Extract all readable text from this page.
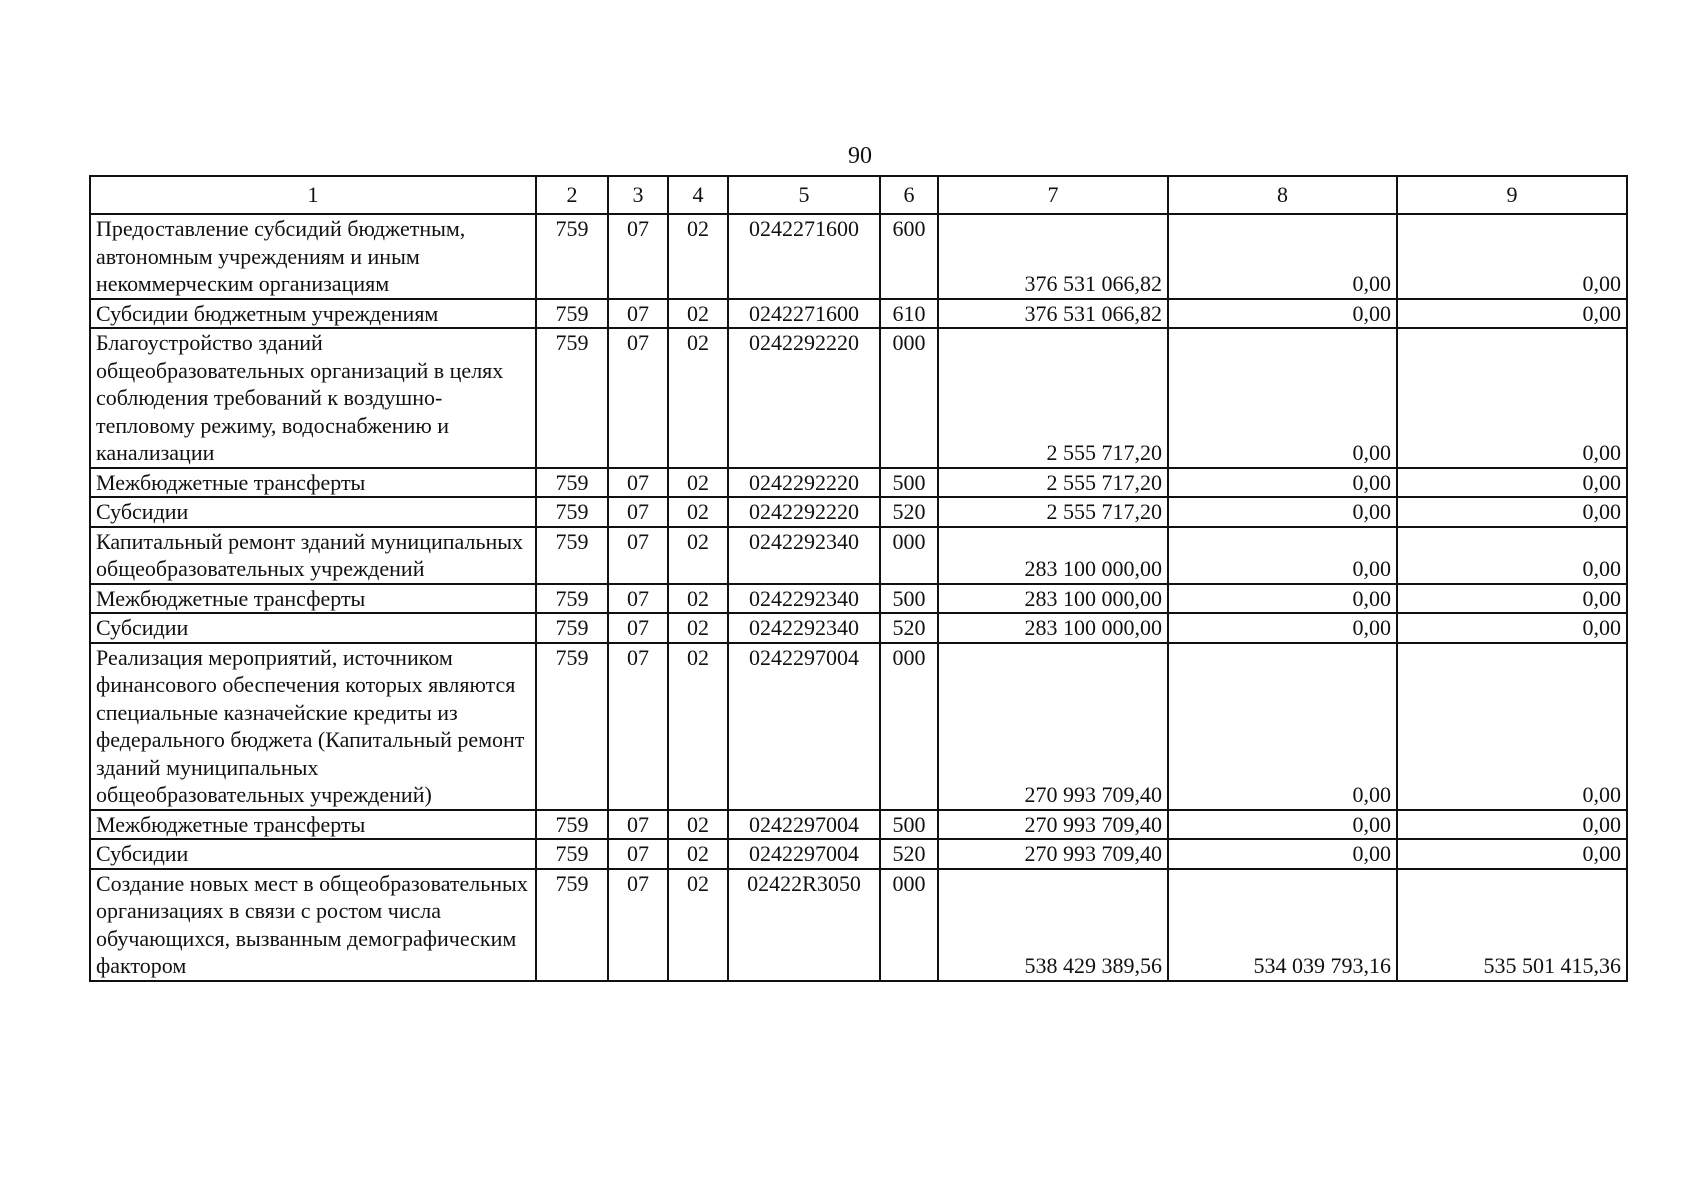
90
1	2	3	4	5	6	7	8	9
Предоставление субсидий бюджетным, автономным учреждениям и иным некоммерческим организациям	759	07	02	0242271600	600	376 531 066,82	0,00	0,00
Субсидии бюджетным учреждениям	759	07	02	0242271600	610	376 531 066,82	0,00	0,00
Благоустройство зданий общеобразовательных организаций в целях соблюдения требований к воздушно-тепловому режиму, водоснабжению и канализации	759	07	02	0242292220	000	2 555 717,20	0,00	0,00
Межбюджетные трансферты	759	07	02	0242292220	500	2 555 717,20	0,00	0,00
Субсидии	759	07	02	0242292220	520	2 555 717,20	0,00	0,00
Капитальный ремонт зданий муниципальных общеобразовательных учреждений	759	07	02	0242292340	000	283 100 000,00	0,00	0,00
Межбюджетные трансферты	759	07	02	0242292340	500	283 100 000,00	0,00	0,00
Субсидии	759	07	02	0242292340	520	283 100 000,00	0,00	0,00
Реализация мероприятий, источником финансового обеспечения которых являются специальные казначейские кредиты из федерального бюджета (Капитальный ремонт зданий муниципальных общеобразовательных учреждений)	759	07	02	0242297004	000	270 993 709,40	0,00	0,00
Межбюджетные трансферты	759	07	02	0242297004	500	270 993 709,40	0,00	0,00
Субсидии	759	07	02	0242297004	520	270 993 709,40	0,00	0,00
Создание новых мест в общеобразовательных организациях в связи с ростом числа обучающихся, вызванным демографическим фактором	759	07	02	02422R3050	000	538 429 389,56	534 039 793,16	535 501 415,36
